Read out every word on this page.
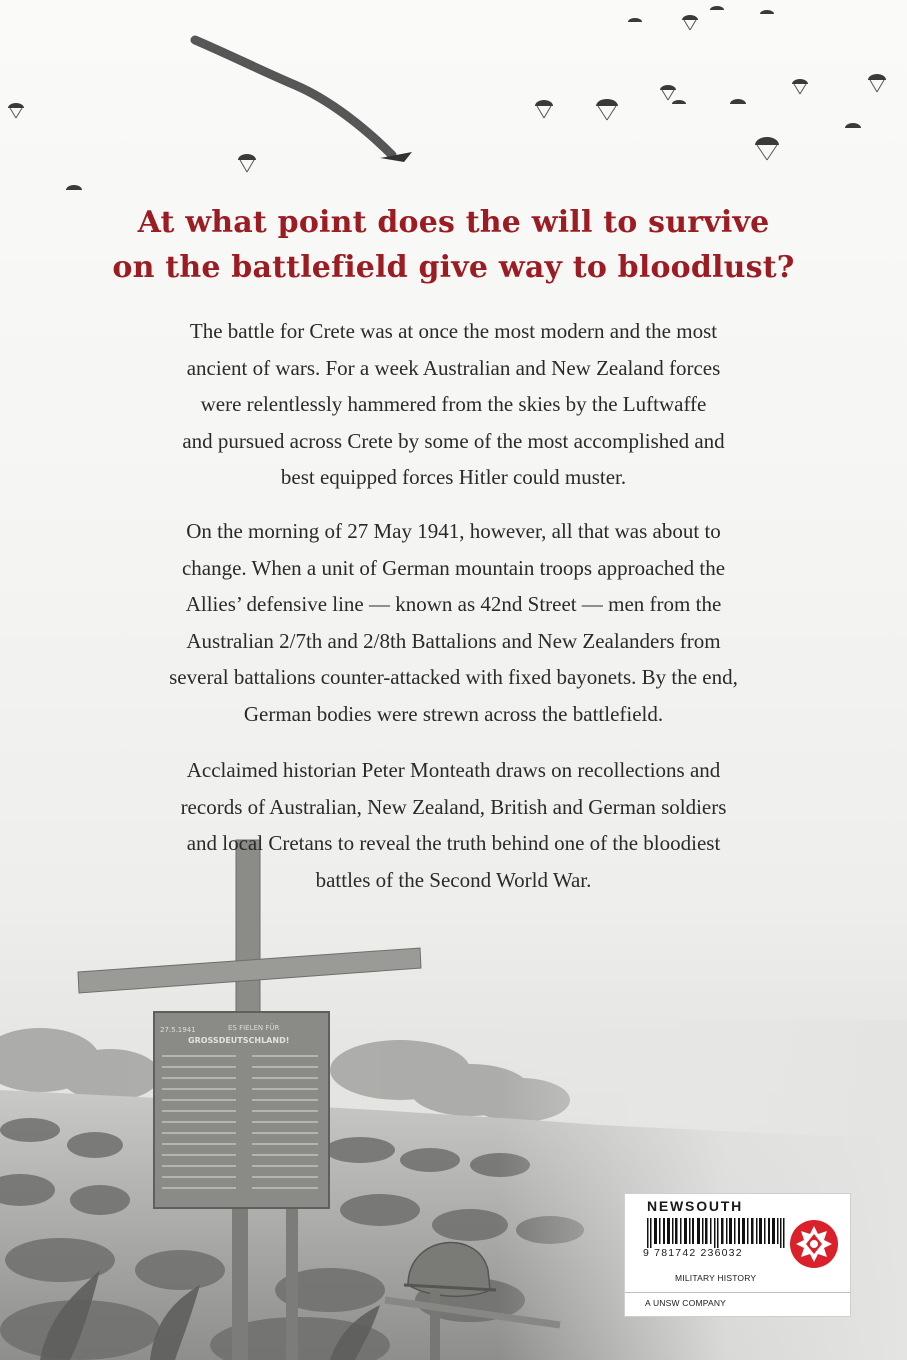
27.5.1941	ES FIELEN FÜR
GROSSDEUTSCHLAND!
At what point does the will to survive
on the battlefield give way to bloodlust?
The battle for Crete was at once the most modern and the most
ancient of wars. For a week Australian and New Zealand forces
were relentlessly hammered from the skies by the Luftwaffe
and pursued across Crete by some of the most accomplished and
best equipped forces Hitler could muster.
On the morning of 27 May 1941, however, all that was about to
change. When a unit of German mountain troops approached the
Allies’ defensive line — known as 42nd Street — men from the
Australian 2/7th and 2/8th Battalions and New Zealanders from
several battalions counter-attacked with fixed bayonets. By the end,
German bodies were strewn across the battlefield.
Acclaimed historian Peter Monteath draws on recollections and
records of Australian, New Zealand, British and German soldiers
and local Cretans to reveal the truth behind one of the bloodiest
battles of the Second World War.
NEWSOUTH
9 781742 236032
MILITARY HISTORY
A UNSW COMPANY
